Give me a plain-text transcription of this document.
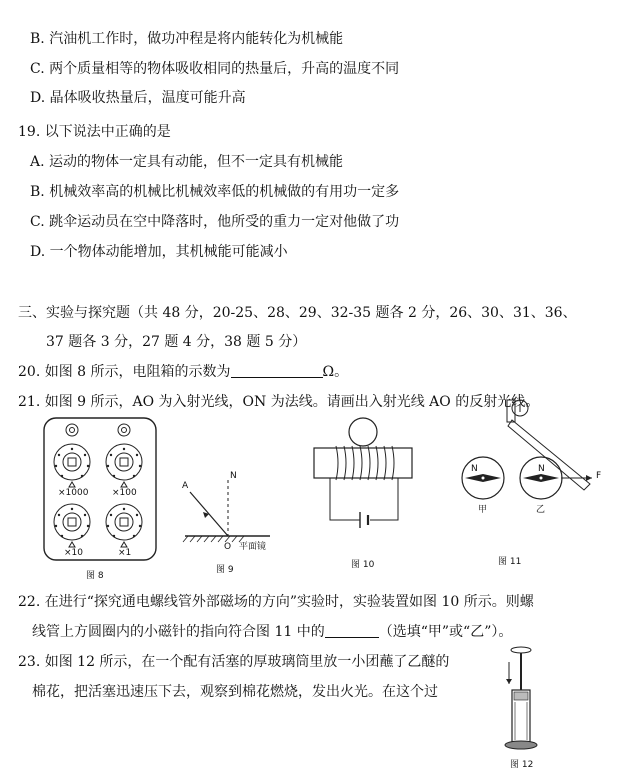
B. 汽油机工作时，做功冲程是将内能转化为机械能
C. 两个质量相等的物体吸收相同的热量后，升高的温度不同
D. 晶体吸收热量后，温度可能升高
19. 以下说法中正确的是
A. 运动的物体一定具有动能，但不一定具有机械能
B. 机械效率高的机械比机械效率低的机械做的有用功一定多
C. 跳伞运动员在空中降落时，他所受的重力一定对他做了功
D. 一个物体动能增加，其机械能可能减小
三、实验与探究题（共 48 分，20-25、28、29、32-35 题各 2 分，26、30、31、36、
37 题各 3 分，27 题 4 分，38 题 5 分）
20. 如图 8 所示，电阻箱的示数为	Ω。
21. 如图 9 所示，AO 为入射光线，ON 为法线。请画出入射光线 AO 的反射光线。
×1000	×100
×10	×1
图 8
A
N
O 平面镜
图 9	图 10
N	N
甲	乙
F
图 11
22. 在进行“探究通电螺线管外部磁场的方向”实验时，实验装置如图 10 所示。则螺
线管上方圆圈内的小磁针的指向符合图 11 中的	（选填“甲”或“乙”）。
23. 如图 12 所示，在一个配有活塞的厚玻璃筒里放一小团蘸了乙醚的
棉花，把活塞迅速压下去，观察到棉花燃烧，发出火光。在这个过
图 12
